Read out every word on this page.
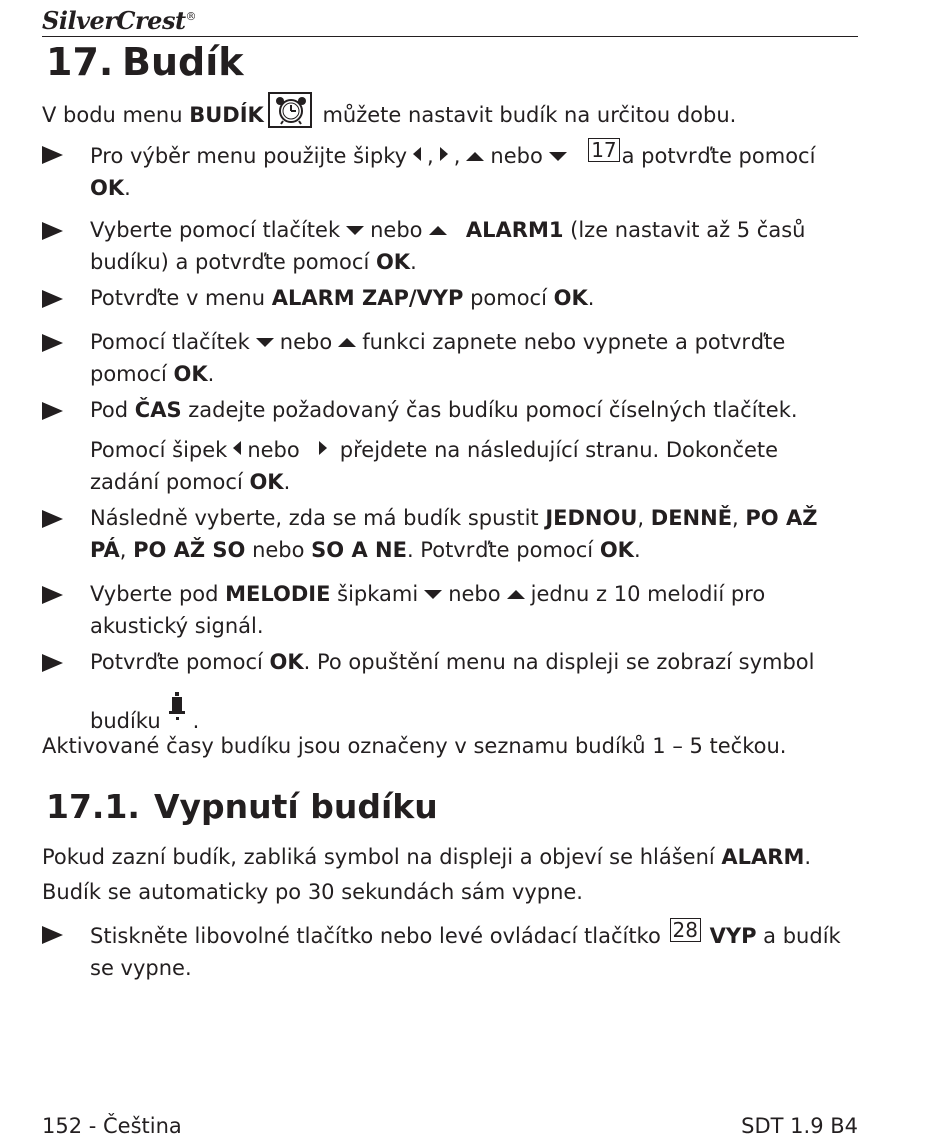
SilverCrest®
17. Budík

V bodu menu BUDÍK
můžete nastavit budík na určitou dobu.

Pro výběr menu použijte šipky , , nebo 17 a potvrďte pomocí OK.
Vyberte pomocí tlačítek nebo ALARM1 (lze nastavit až 5 časů budíku) a potvrďte pomocí OK.
Potvrďte v menu ALARM ZAP/VYP pomocí OK.
Pomocí tlačítek nebo funkci zapnete nebo vypnete a potvrďte pomocí OK.
Pod ČAS zadejte požadovaný čas budíku pomocí číselných tlačítek.
Pomocí šipek nebo přejdete na následující stranu. Dokončete zadání pomocí OK.
Následně vyberte, zda se má budík spustit JEDNOU, DENNĚ, PO AŽ PÁ, PO AŽ SO nebo SO A NE. Potvrďte pomocí OK.
Vyberte pod MELODIE šipkami nebo jednu z 10 melodií pro akustický signál.
Potvrďte pomocí OK. Po opuštění menu na displeji se zobrazí symbol
budíku .

Aktivované časy budíku jsou označeny v seznamu budíků 1 – 5 tečkou.

17.1. Vypnutí budíku

Pokud zazní budík, zabliká symbol na displeji a objeví se hlášení ALARM.

Budík se automaticky po 30 sekundách sám vypne.

Stiskněte libovolné tlačítko nebo levé ovládací tlačítko 28 VYP a budík se vypne.
152 - Čeština	SDT 1.9 B4
